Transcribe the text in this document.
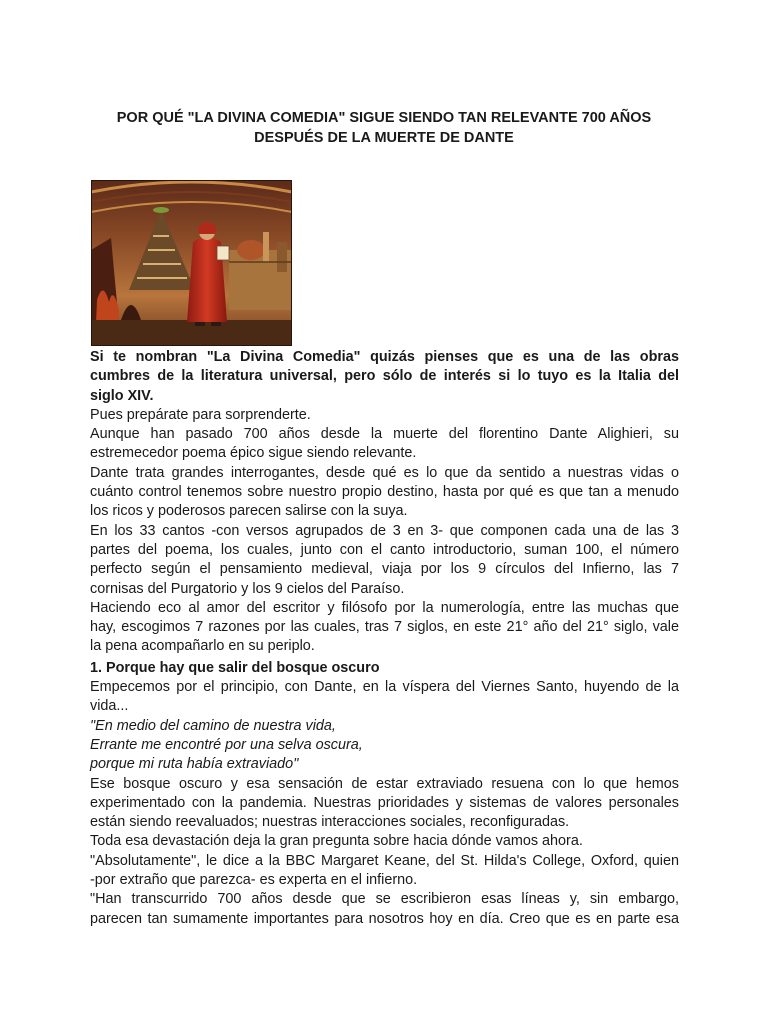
POR QUÉ "LA DIVINA COMEDIA" SIGUE SIENDO TAN RELEVANTE 700 AÑOS
DESPUÉS DE LA MUERTE DE DANTE

Si te nombran "La Divina Comedia" quizás pienses que es una de las obras
cumbres de la literatura universal, pero sólo de interés si lo tuyo es la Italia del
siglo XIV.

Pues prepárate para sorprenderte.

Aunque han pasado 700 años desde la muerte del florentino Dante Alighieri, su
estremecedor poema épico sigue siendo relevante.

Dante trata grandes interrogantes, desde qué es lo que da sentido a nuestras vidas o
cuánto control tenemos sobre nuestro propio destino, hasta por qué es que tan a menudo
los ricos y poderosos parecen salirse con la suya.

En los 33 cantos -con versos agrupados de 3 en 3- que componen cada una de las 3
partes del poema, los cuales, junto con el canto introductorio, suman 100, el número
perfecto según el pensamiento medieval, viaja por los 9 círculos del Infierno, las 7
cornisas del Purgatorio y los 9 cielos del Paraíso.

Haciendo eco al amor del escritor y filósofo por la numerología, entre las muchas que
hay, escogimos 7 razones por las cuales, tras 7 siglos, en este 21° año del 21° siglo, vale
la pena acompañarlo en su periplo.

1. Porque hay que salir del bosque oscuro

Empecemos por el principio, con Dante, en la víspera del Viernes Santo, huyendo de la
vida...

"En medio del camino de nuestra vida,
Errante me encontré por una selva oscura,
porque mi ruta había extraviado"

Ese bosque oscuro y esa sensación de estar extraviado resuena con lo que hemos
experimentado con la pandemia. Nuestras prioridades y sistemas de valores personales
están siendo reevaluados; nuestras interacciones sociales, reconfiguradas.

Toda esa devastación deja la gran pregunta sobre hacia dónde vamos ahora.

"Absolutamente", le dice a la BBC Margaret Keane, del St. Hilda's College, Oxford, quien
-por extraño que parezca- es experta en el infierno.

"Han transcurrido 700 años desde que se escribieron esas líneas y, sin embargo,
parecen tan sumamente importantes para nosotros hoy en día. Creo que es en parte esa
